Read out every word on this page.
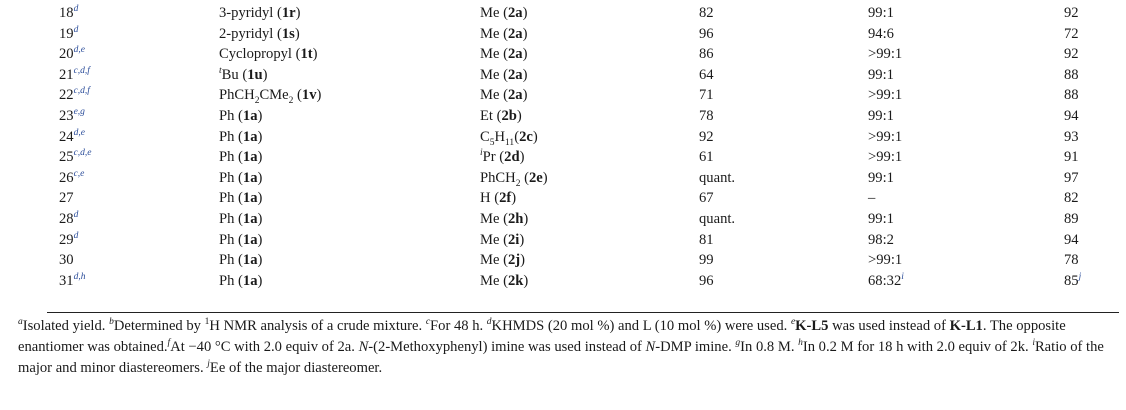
18$^d$	3-pyridyl (1r)	Me (2a)	82	99:1	92
19$^d$	2-pyridyl (1s)	Me (2a)	96	94:6	72
20$^{d,e}$	Cyclopropyl (1t)	Me (2a)	86	>99:1	92
21$^{c,d,f}$	$^t$Bu (1u)	Me (2a)	64	99:1	88
22$^{c,d,f}$	PhCH$_2$CMe$_2$ (1v)	Me (2a)	71	>99:1	88
23$^{e,g}$	Ph (1a)	Et (2b)	78	99:1	94
24$^{d,e}$	Ph (1a)	$C_5H_{11}(2c)$	92	>99:1	93
25$^{c,d,e}$	Ph (1a)	$^i$Pr (2d)	61	>99:1	91
26$^{c,e}$	Ph (1a)	PhCH$_2$ (2e)	quant.	99:1	97
27	Ph (1a)	H (2f)	67	–	82
28$^d$	Ph (1a)	Me (2h)	quant.	99:1	89
29$^d$	Ph (1a)	Me (2i)	81	98:2	94
30	Ph (1a)	Me (2j)	99	>99:1	78
31$^{d,h}$	Ph (1a)	Me (2k)	96	68:32$^i$	85$^j$
$^a$Isolated yield. $^b$Determined by $^1$H NMR analysis of a crude mixture. $^c$For 48 h. $^d$KHMDS (20 mol %) and L (10 mol %) were used. $^e$K-L5 was used instead of K-L1. The opposite enantiomer was obtained.$^f$At −40 °C with 2.0 equiv of 2a. N-(2-Methoxyphenyl) imine was used instead of N-DMP imine. $^g$In 0.8 M. $^h$In 0.2 M for 18 h with 2.0 equiv of 2k. $^i$Ratio of the major and minor diastereomers. $^j$Ee of the major diastereomer.
